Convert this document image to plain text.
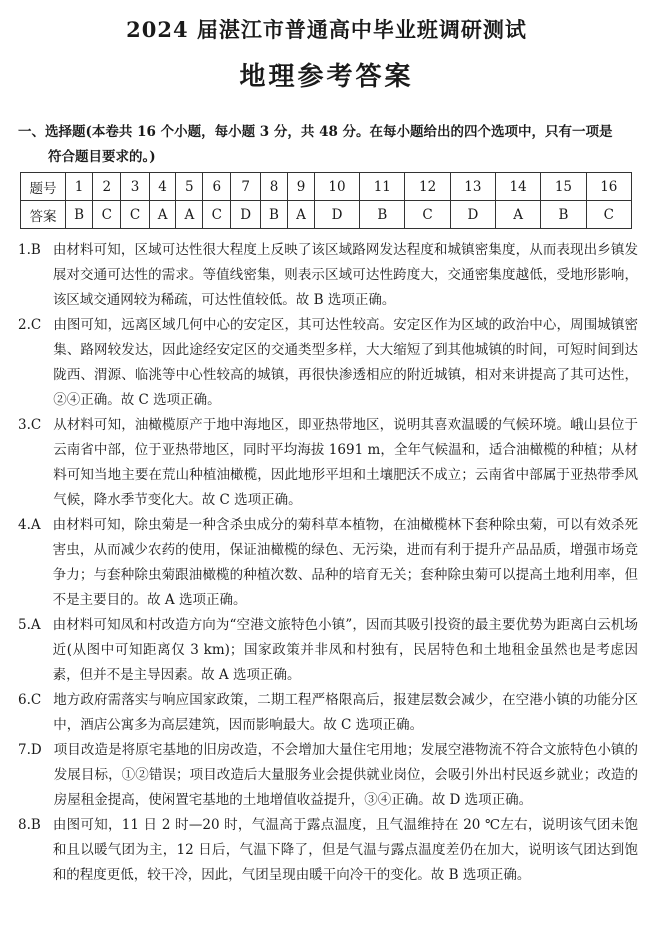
2024 届湛江市普通高中毕业班调研测试
地理参考答案
一、选择题(本卷共 16 个小题，每小题 3 分，共 48 分。在每小题给出的四个选项中，只有一项是
符合题目要求的。)
题号	1	2	3	4	5	6	7	8	9	10	11	12	13	14	15	16
答案	B	C	C	A	A	C	D	B	A	D	B	C	D	A	B	C
1.B 由材料可知，区域可达性很大程度上反映了该区域路网发达程度和城镇密集度，从而表现出乡镇发展对交通可达性的需求。等值线密集，则表示区域可达性跨度大，交通密集度越低，受地形影响，该区域交通网较为稀疏，可达性值较低。故 B 选项正确。
2.C 由图可知，远离区域几何中心的安定区，其可达性较高。安定区作为区域的政治中心，周围城镇密集、路网较发达，因此途经安定区的交通类型多样，大大缩短了到其他城镇的时间，可短时间到达陇西、渭源、临洮等中心性较高的城镇，再很快渗透相应的附近城镇，相对来讲提高了其可达性，②④正确。故 C 选项正确。
3.C 从材料可知，油橄榄原产于地中海地区，即亚热带地区，说明其喜欢温暖的气候环境。峨山县位于云南省中部，位于亚热带地区，同时平均海拔 1691 m，全年气候温和，适合油橄榄的种植；从材料可知当地主要在荒山种植油橄榄，因此地形平坦和土壤肥沃不成立；云南省中部属于亚热带季风气候，降水季节变化大。故 C 选项正确。
4.A 由材料可知，除虫菊是一种含杀虫成分的菊科草本植物，在油橄榄林下套种除虫菊，可以有效杀死害虫，从而减少农药的使用，保证油橄榄的绿色、无污染，进而有利于提升产品品质，增强市场竞争力；与套种除虫菊跟油橄榄的种植次数、品种的培育无关；套种除虫菊可以提高土地利用率，但不是主要目的。故 A 选项正确。
5.A 由材料可知凤和村改造方向为“空港文旅特色小镇”，因而其吸引投资的最主要优势为距离白云机场近(从图中可知距离仅 3 km)；国家政策并非凤和村独有，民居特色和土地租金虽然也是考虑因素，但并不是主导因素。故 A 选项正确。
6.C 地方政府需落实与响应国家政策，二期工程严格限高后，报建层数会减少，在空港小镇的功能分区中，酒店公寓多为高层建筑，因而影响最大。故 C 选项正确。
7.D 项目改造是将原宅基地的旧房改造，不会增加大量住宅用地；发展空港物流不符合文旅特色小镇的发展目标，①②错误；项目改造后大量服务业会提供就业岗位，会吸引外出村民返乡就业；改造的房屋租金提高，使闲置宅基地的土地增值收益提升，③④正确。故 D 选项正确。
8.B 由图可知，11 日 2 时—20 时，气温高于露点温度，且气温维持在 20 ℃左右，说明该气团未饱和且以暖气团为主，12 日后，气温下降了，但是气温与露点温度差仍在加大，说明该气团达到饱和的程度更低，较干冷，因此，气团呈现由暖干向冷干的变化。故 B 选项正确。
